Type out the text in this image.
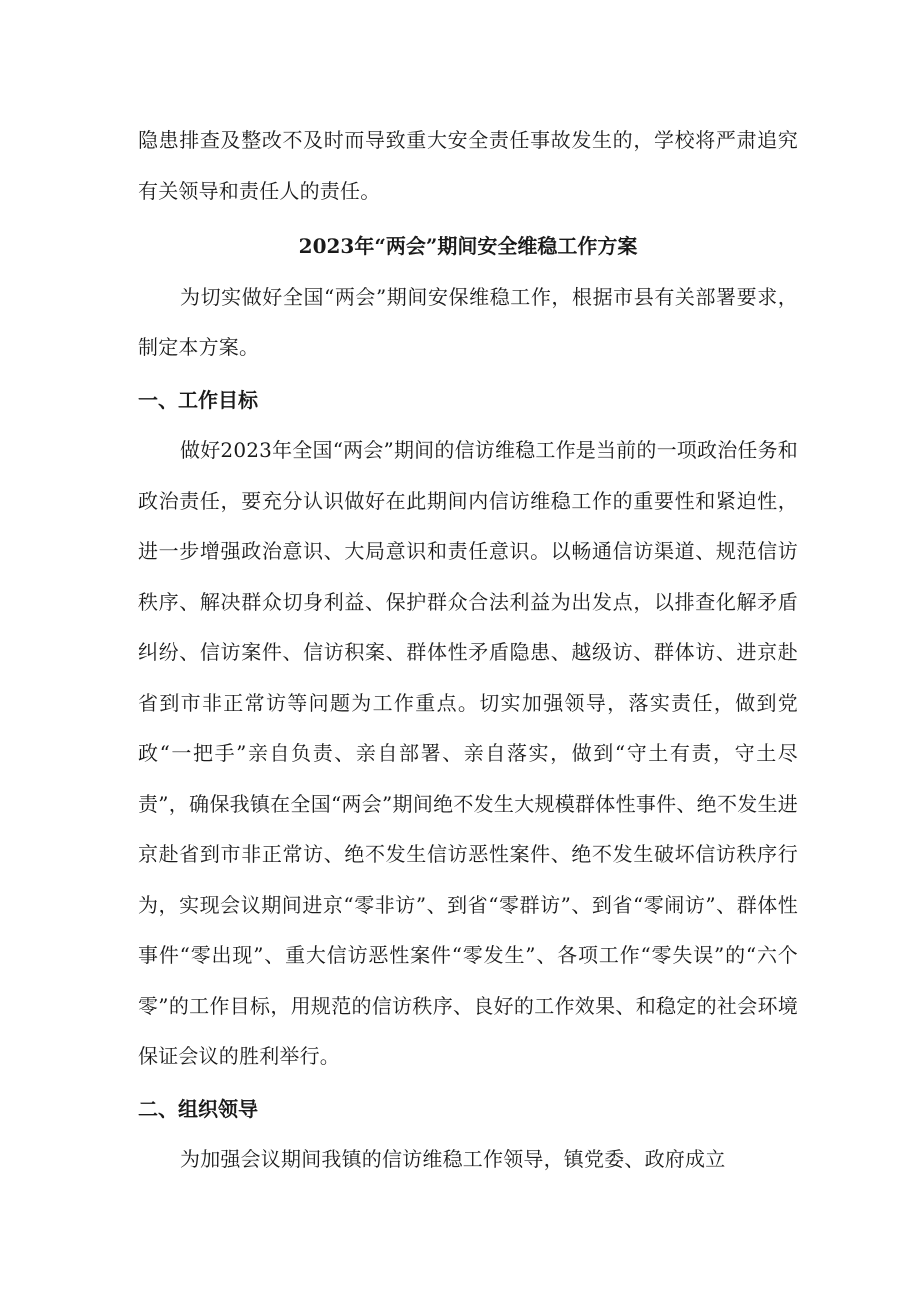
隐患排查及整改不及时而导致重大安全责任事故发生的，学校将严肃追究有关领导和责任人的责任。

2023年“两会”期间安全维稳工作方案

为切实做好全国“两会”期间安保维稳工作，根据市县有关部署要求，制定本方案。

一、工作目标

做好2023年全国“两会”期间的信访维稳工作是当前的一项政治任务和政治责任，要充分认识做好在此期间内信访维稳工作的重要性和紧迫性，进一步增强政治意识、大局意识和责任意识。以畅通信访渠道、规范信访秩序、解决群众切身利益、保护群众合法利益为出发点，以排查化解矛盾纠纷、信访案件、信访积案、群体性矛盾隐患、越级访、群体访、进京赴省到市非正常访等问题为工作重点。切实加强领导，落实责任，做到党政“一把手”亲自负责、亲自部署、亲自落实，做到“守土有责，守土尽责”，确保我镇在全国“两会”期间绝不发生大规模群体性事件、绝不发生进京赴省到市非正常访、绝不发生信访恶性案件、绝不发生破坏信访秩序行为，实现会议期间进京“零非访”、到省“零群访”、到省“零闹访”、群体性事件“零出现”、重大信访恶性案件“零发生”、各项工作“零失误”的“六个零”的工作目标，用规范的信访秩序、良好的工作效果、和稳定的社会环境保证会议的胜利举行。

二、组织领导

为加强会议期间我镇的信访维稳工作领导，镇党委、政府成立
